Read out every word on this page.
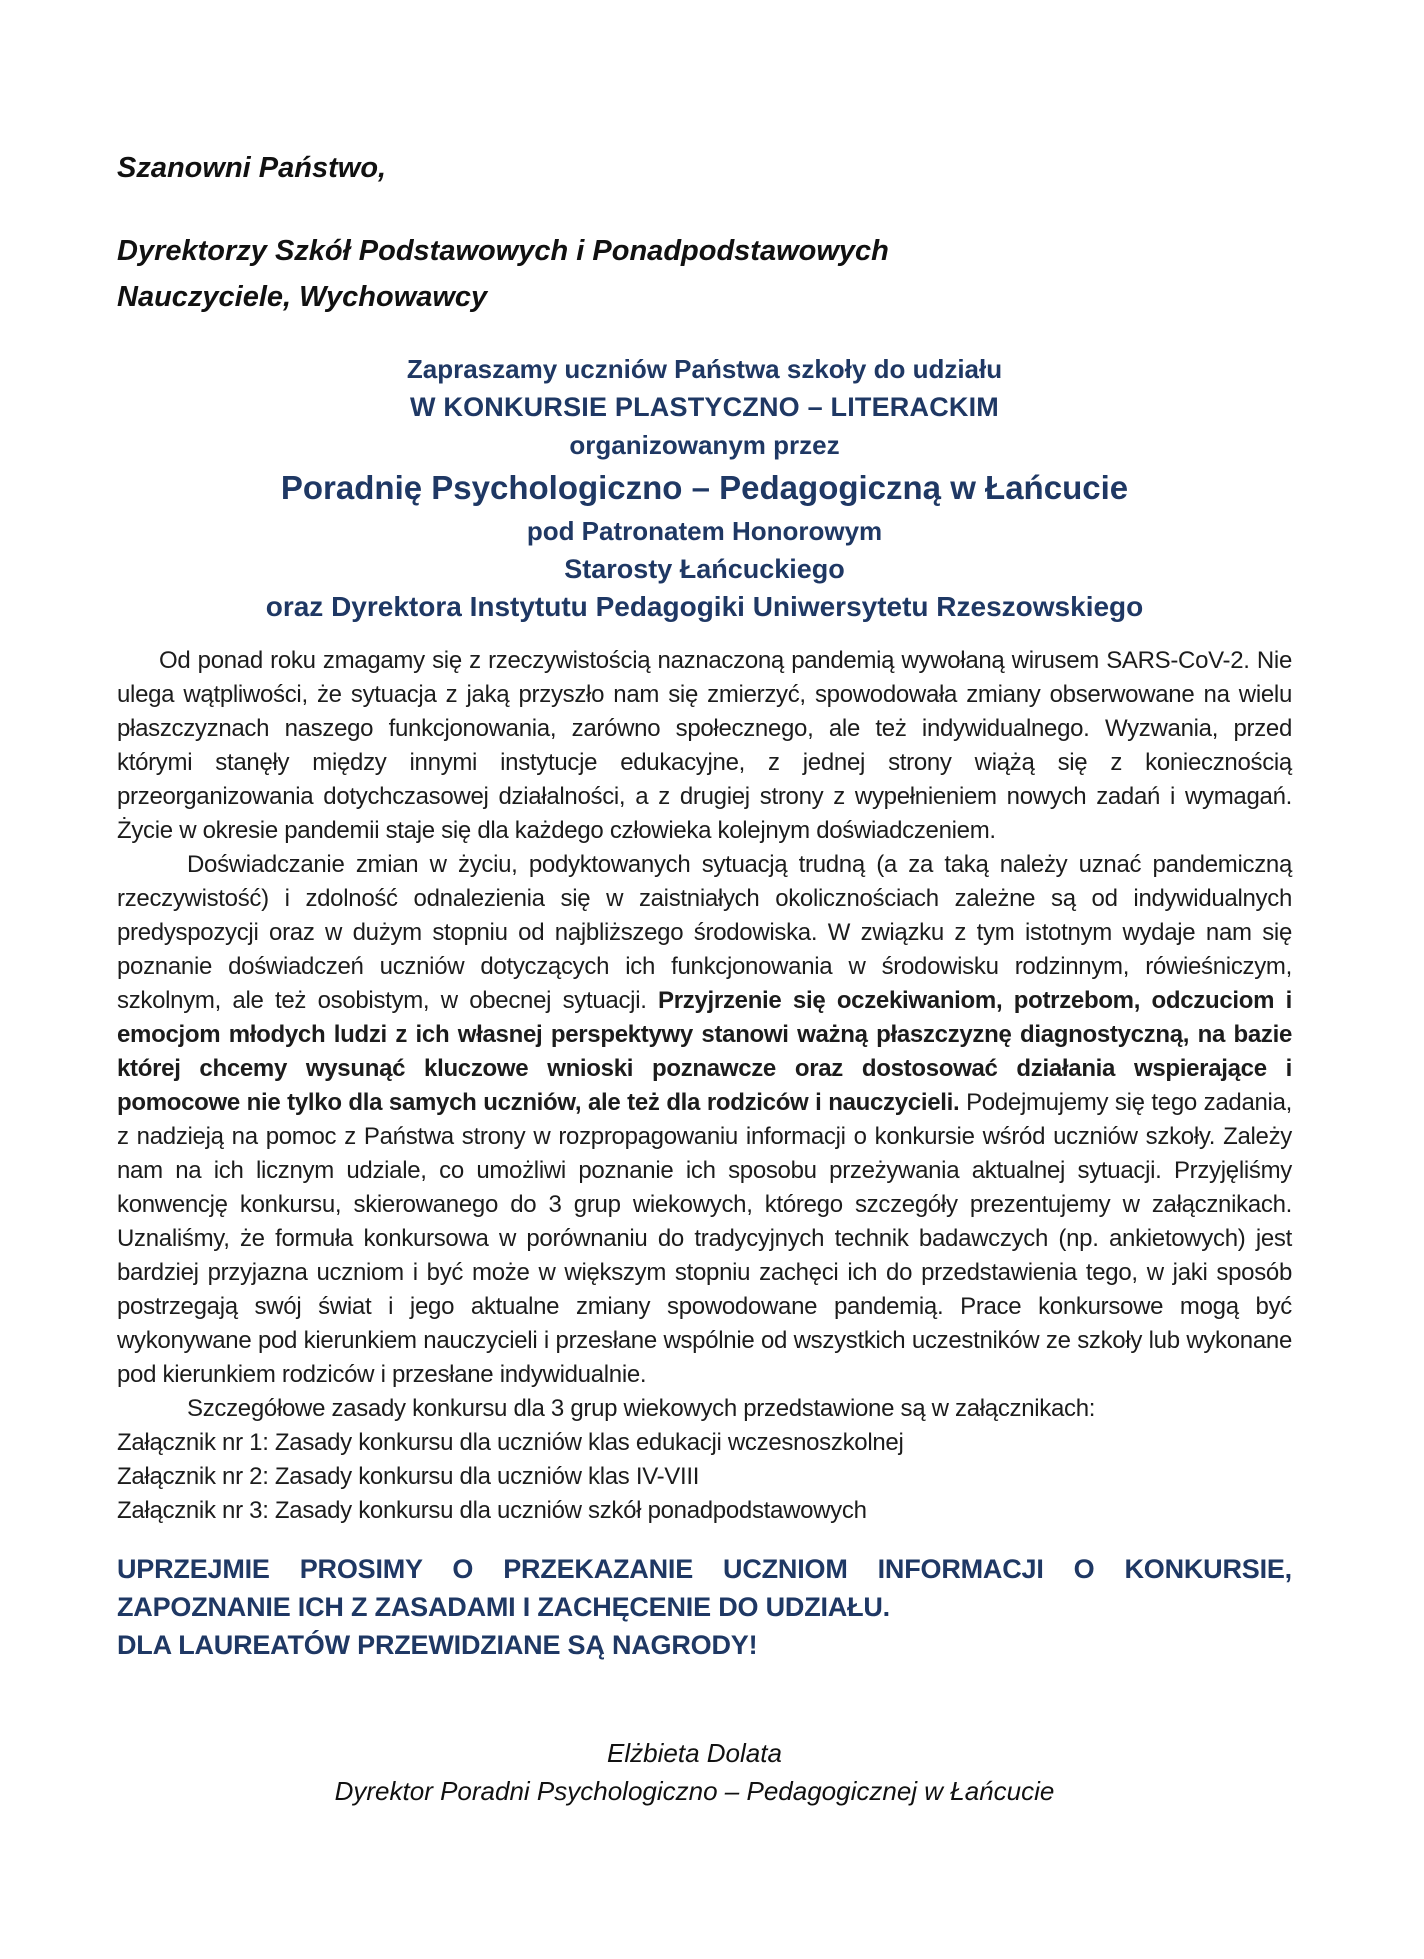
Szanowni Państwo,

Dyrektorzy Szkół Podstawowych i Ponadpodstawowych

Nauczyciele, Wychowawcy

Zapraszamy uczniów Państwa szkoły do udziału
W KONKURSIE PLASTYCZNO – LITERACKIM
organizowanym przez
Poradnię Psychologiczno – Pedagogiczną w Łańcucie
pod Patronatem Honorowym
Starosty Łańcuckiego
oraz Dyrektora Instytutu Pedagogiki Uniwersytetu Rzeszowskiego

Od ponad roku zmagamy się z rzeczywistością naznaczoną pandemią wywołaną wirusem SARS-CoV-2. Nie ulega wątpliwości, że sytuacja z jaką przyszło nam się zmierzyć, spowodowała zmiany obserwowane na wielu płaszczyznach naszego funkcjonowania, zarówno społecznego, ale też indywidualnego. Wyzwania, przed którymi stanęły między innymi instytucje edukacyjne, z jednej strony wiążą się z koniecznością przeorganizowania dotychczasowej działalności, a z drugiej strony z wypełnieniem nowych zadań i wymagań. Życie w okresie pandemii staje się dla każdego człowieka kolejnym doświadczeniem.

Doświadczanie zmian w życiu, podyktowanych sytuacją trudną (a za taką należy uznać pandemiczną rzeczywistość) i zdolność odnalezienia się w zaistniałych okolicznościach zależne są od indywidualnych predyspozycji oraz w dużym stopniu od najbliższego środowiska. W związku z tym istotnym wydaje nam się poznanie doświadczeń uczniów dotyczących ich funkcjonowania w środowisku rodzinnym, rówieśniczym, szkolnym, ale też osobistym, w obecnej sytuacji. Przyjrzenie się oczekiwaniom, potrzebom, odczuciom i emocjom młodych ludzi z ich własnej perspektywy stanowi ważną płaszczyznę diagnostyczną, na bazie której chcemy wysunąć kluczowe wnioski poznawcze oraz dostosować działania wspierające i pomocowe nie tylko dla samych uczniów, ale też dla rodziców i nauczycieli. Podejmujemy się tego zadania, z nadzieją na pomoc z Państwa strony w rozpropagowaniu informacji o konkursie wśród uczniów szkoły. Zależy nam na ich licznym udziale, co umożliwi poznanie ich sposobu przeżywania aktualnej sytuacji. Przyjęliśmy konwencję konkursu, skierowanego do 3 grup wiekowych, którego szczegóły prezentujemy w załącznikach. Uznaliśmy, że formuła konkursowa w porównaniu do tradycyjnych technik badawczych (np. ankietowych) jest bardziej przyjazna uczniom i być może w większym stopniu zachęci ich do przedstawienia tego, w jaki sposób postrzegają swój świat i jego aktualne zmiany spowodowane pandemią. Prace konkursowe mogą być wykonywane pod kierunkiem nauczycieli i przesłane wspólnie od wszystkich uczestników ze szkoły lub wykonane pod kierunkiem rodziców i przesłane indywidualnie.

Szczegółowe zasady konkursu dla 3 grup wiekowych przedstawione są w załącznikach:

Załącznik nr 1: Zasady konkursu dla uczniów klas edukacji wczesnoszkolnej
Załącznik nr 2: Zasady konkursu dla uczniów klas IV-VIII
Załącznik nr 3: Zasady konkursu dla uczniów szkół ponadpodstawowych
UPRZEJMIE PROSIMY O PRZEKAZANIE UCZNIOM INFORMACJI O KONKURSIE,
ZAPOZNANIE ICH Z ZASADAMI I ZACHĘCENIE DO UDZIAŁU.
DLA LAUREATÓW PRZEWIDZIANE SĄ NAGRODY!
Elżbieta Dolata
Dyrektor Poradni Psychologiczno – Pedagogicznej w Łańcucie
